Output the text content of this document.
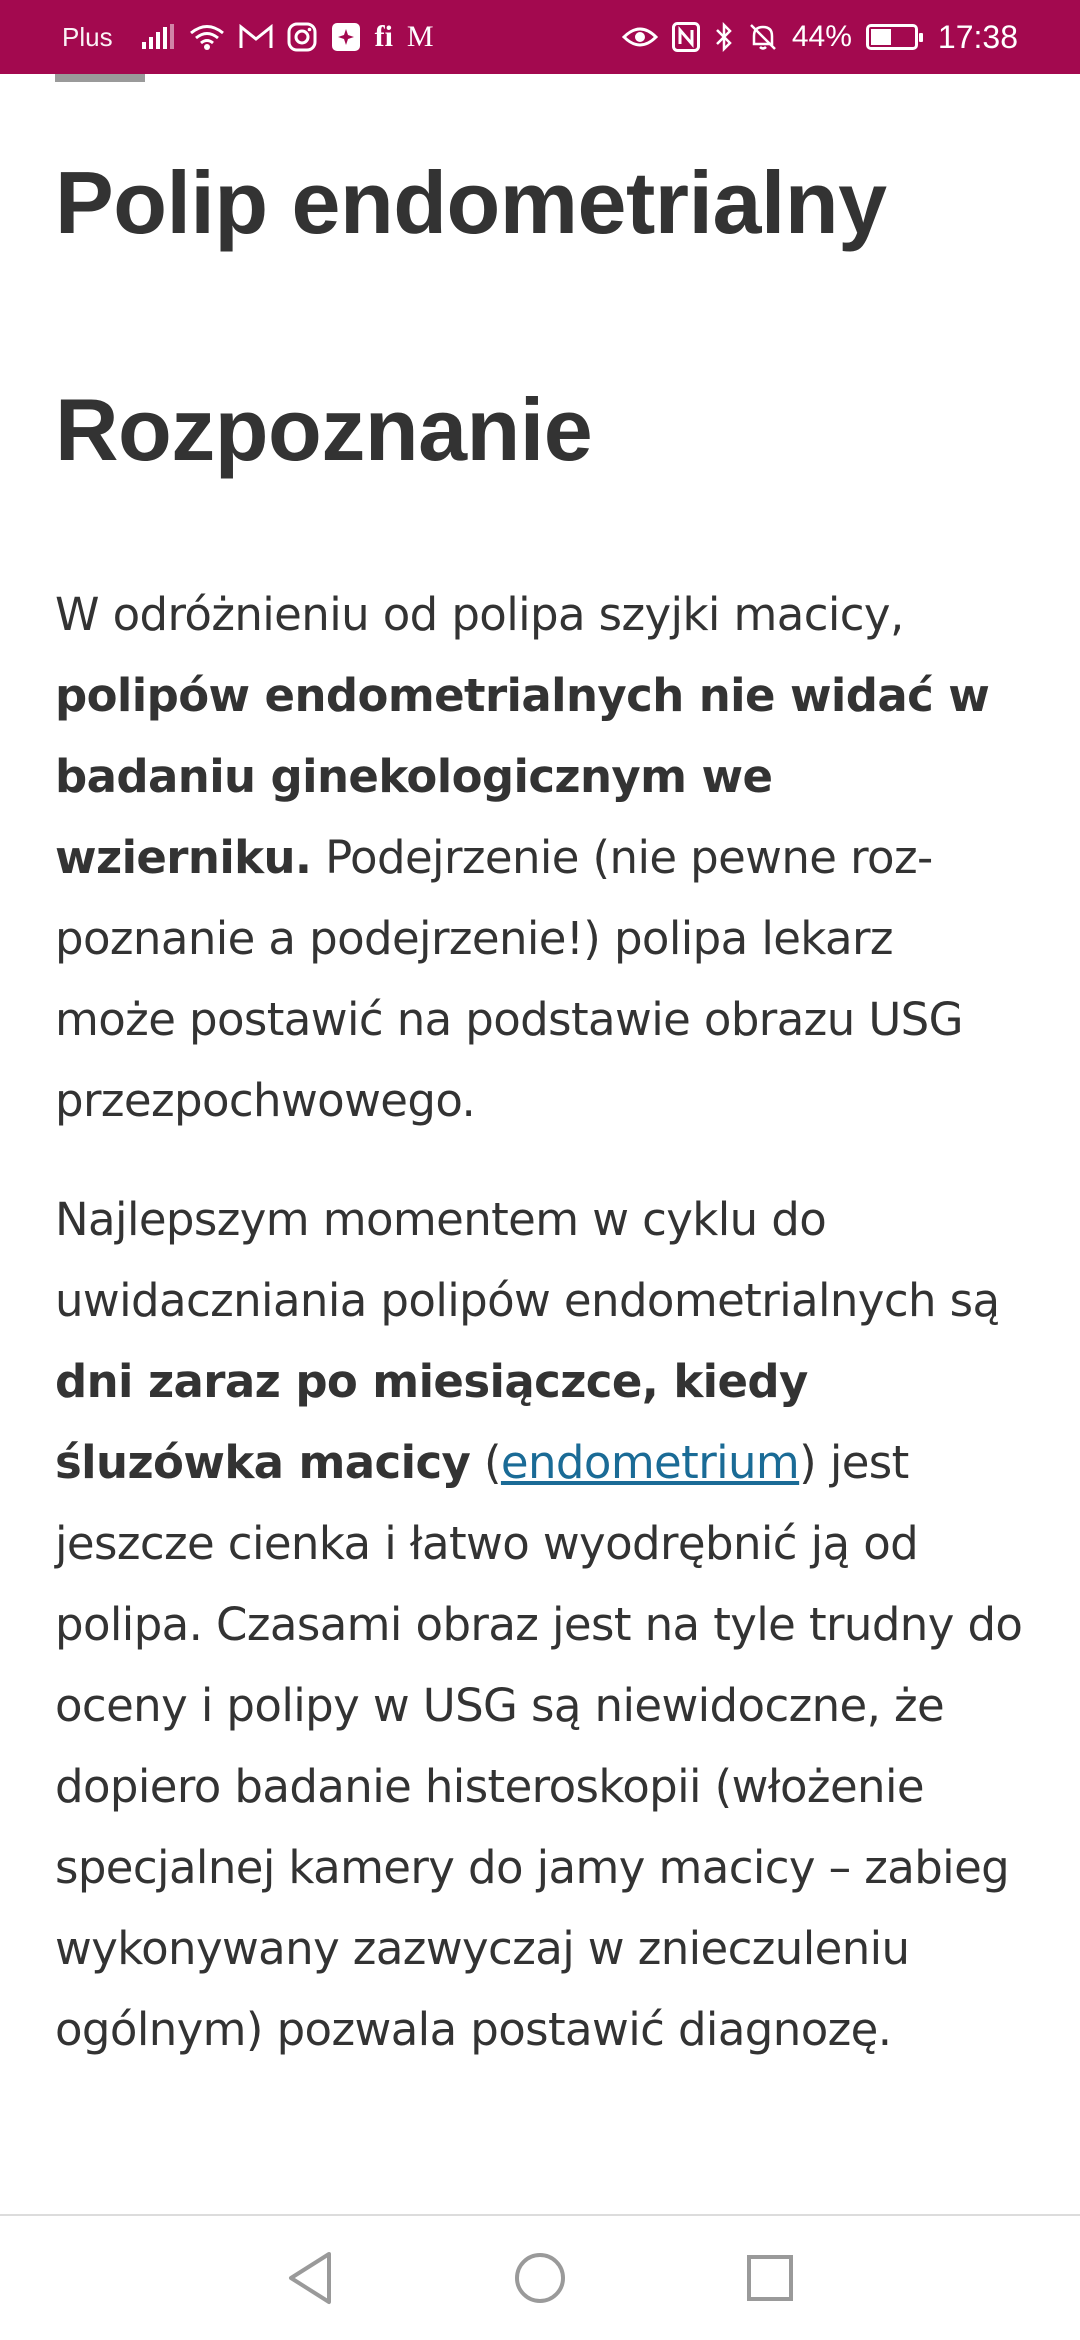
Plus	fi M	44%	17:38
Polip endometrialny
Rozpoznanie

W odróżnieniu od polipa szyjki macicy, polipów endometrialnych nie widać w badaniu ginekologicznym we wzierniku. Podejrzenie (nie pewne rozpoznanie a podejrzenie!) polipa lekarz może postawić na podstawie obrazu USG przezpochwowego.

Najlepszym momentem w cyklu do uwidaczniania polipów endometrialnych są dni zaraz po miesiączce, kiedy śluzówka macicy (endometrium) jest jeszcze cienka i łatwo wyodrębnić ją od polipa. Czasami obraz jest na tyle trudny do oceny i polipy w USG są niewidoczne, że dopiero badanie histeroskopii (włożenie specjalnej kamery do jamy macicy – zabieg wykonywany zazwyczaj w znieczuleniu ogólnym) pozwala postawić diagnozę.
